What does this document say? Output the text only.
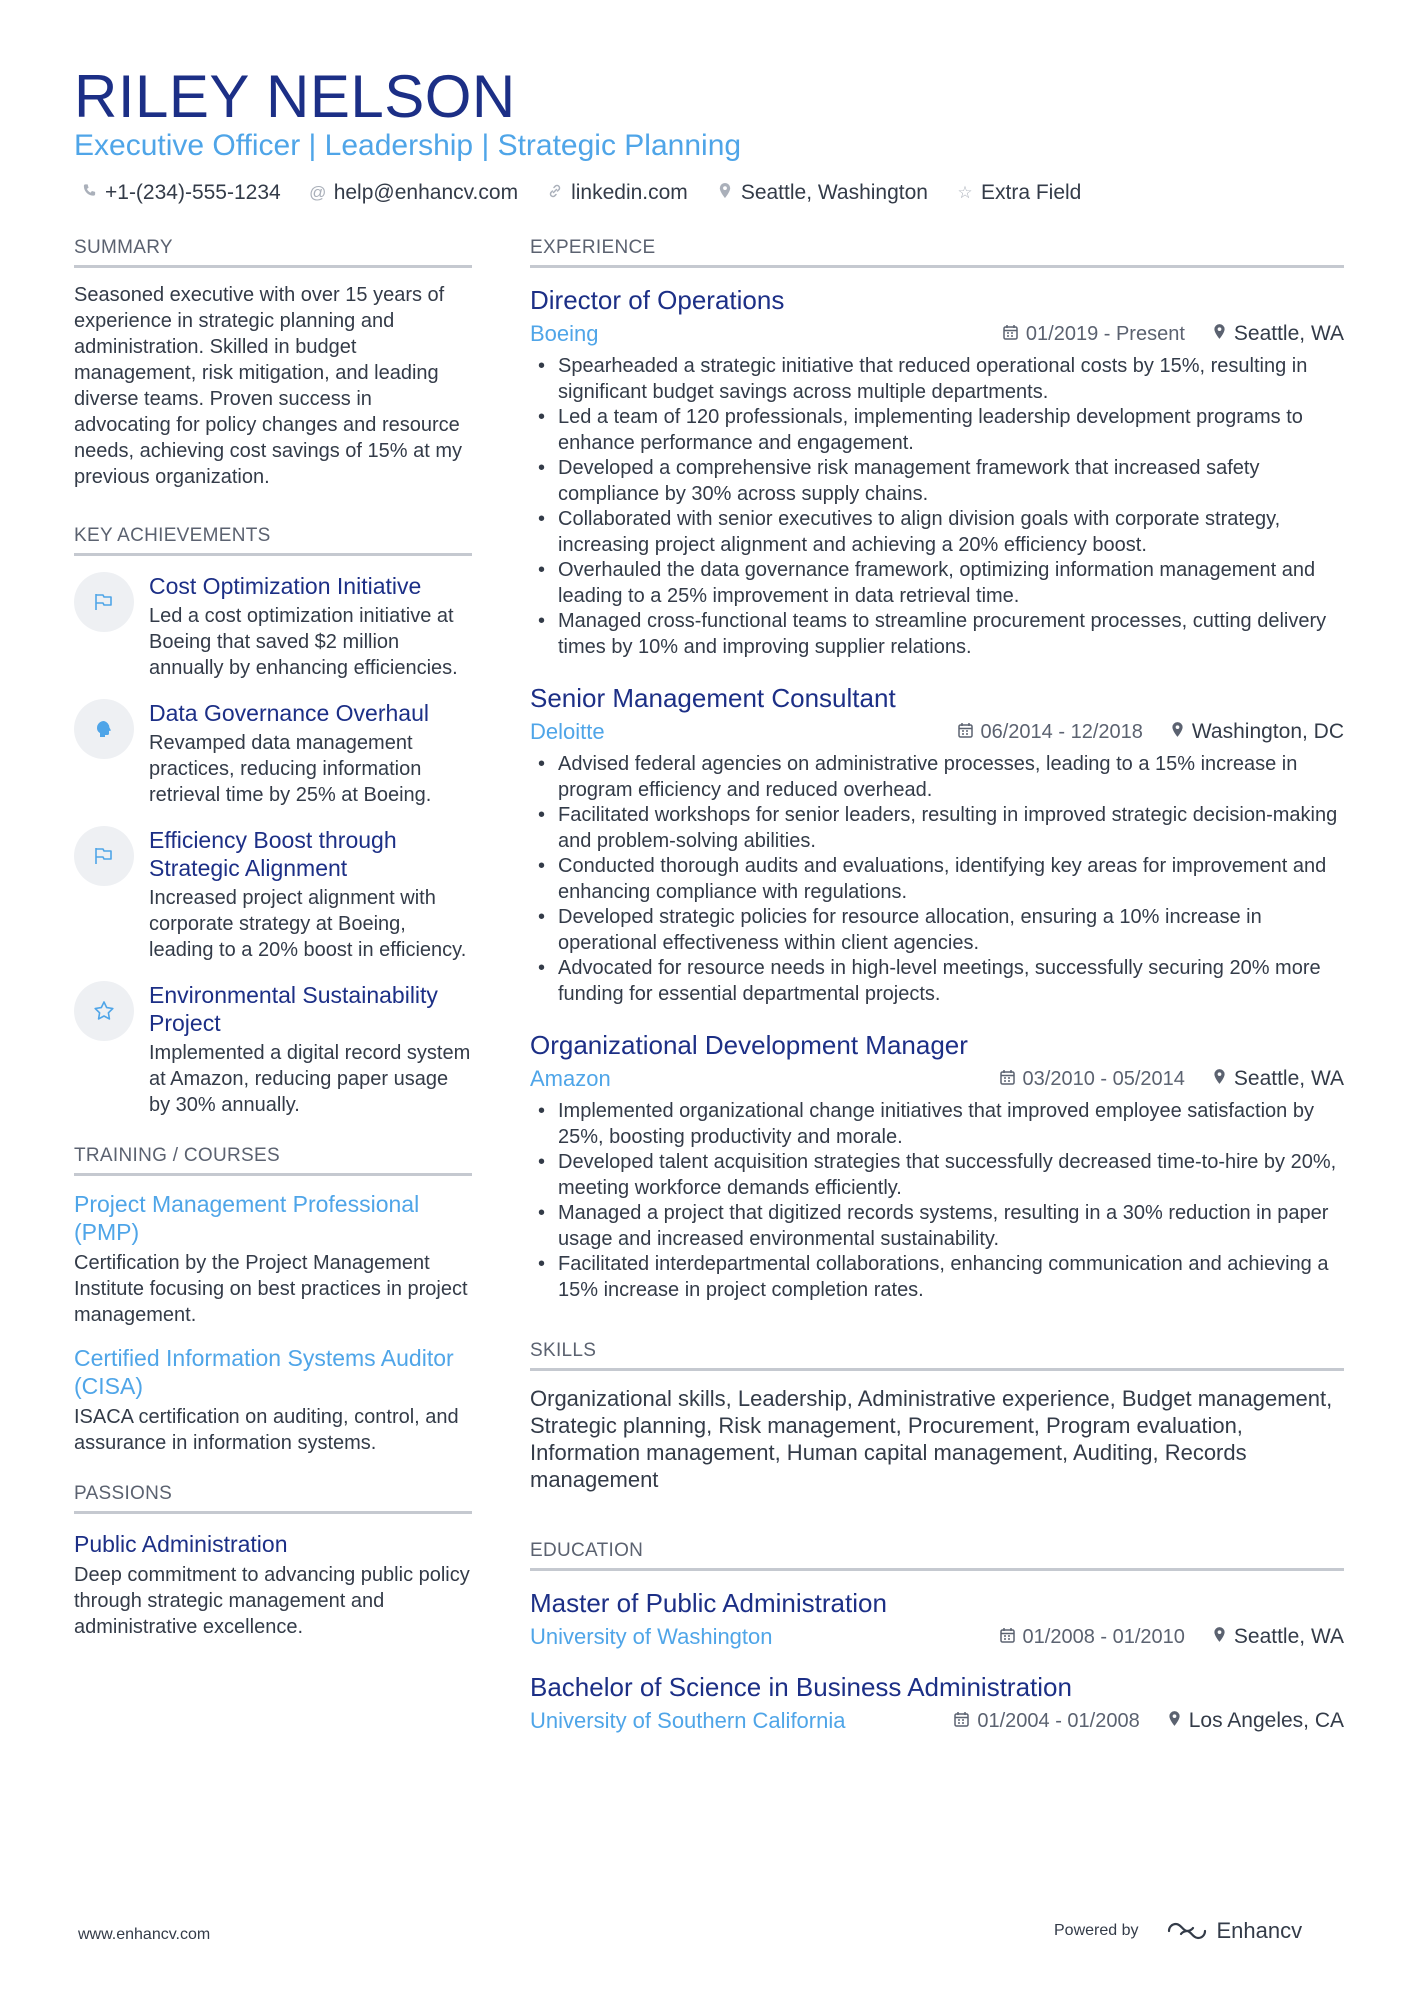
RILEY NELSON
Executive Officer | Leadership | Strategic Planning
+1-(234)-555-1234 @ help@enhancv.com	linkedin.com	Seattle, Washington ☆ Extra Field
SUMMARY
Seasoned executive with over 15 years of experience in strategic planning and administration. Skilled in budget management, risk mitigation, and leading diverse teams. Proven success in advocating for policy changes and resource needs, achieving cost savings of 15% at my previous organization.
KEY ACHIEVEMENTS
Cost Optimization Initiative
Led a cost optimization initiative at Boeing that saved $2 million annually by enhancing efficiencies.
Data Governance Overhaul
Revamped data management practices, reducing information retrieval time by 25% at Boeing.
Efficiency Boost through Strategic Alignment
Increased project alignment with corporate strategy at Boeing, leading to a 20% boost in efficiency.
Environmental Sustainability Project
Implemented a digital record system at Amazon, reducing paper usage by 30% annually.
TRAINING / COURSES
Project Management Professional (PMP)
Certification by the Project Management Institute focusing on best practices in project management.
Certified Information Systems Auditor (CISA)
ISACA certification on auditing, control, and assurance in information systems.
PASSIONS
Public Administration
Deep commitment to advancing public policy through strategic management and administrative excellence.
EXPERIENCE
Director of Operations
Boeing	01/2019 - Present Seattle, WA
• Spearheaded a strategic initiative that reduced operational costs by 15%, resulting in significant budget savings across multiple departments.
• Led a team of 120 professionals, implementing leadership development programs to enhance performance and engagement.
• Developed a comprehensive risk management framework that increased safety compliance by 30% across supply chains.
• Collaborated with senior executives to align division goals with corporate strategy, increasing project alignment and achieving a 20% efficiency boost.
• Overhauled the data governance framework, optimizing information management and leading to a 25% improvement in data retrieval time.
• Managed cross-functional teams to streamline procurement processes, cutting delivery times by 10% and improving supplier relations.
Senior Management Consultant
Deloitte	06/2014 - 12/2018 Washington, DC
• Advised federal agencies on administrative processes, leading to a 15% increase in program efficiency and reduced overhead.
• Facilitated workshops for senior leaders, resulting in improved strategic decision-making and problem-solving abilities.
• Conducted thorough audits and evaluations, identifying key areas for improvement and enhancing compliance with regulations.
• Developed strategic policies for resource allocation, ensuring a 10% increase in operational effectiveness within client agencies.
• Advocated for resource needs in high-level meetings, successfully securing 20% more funding for essential departmental projects.
Organizational Development Manager
Amazon	03/2010 - 05/2014 Seattle, WA
• Implemented organizational change initiatives that improved employee satisfaction by 25%, boosting productivity and morale.
• Developed talent acquisition strategies that successfully decreased time-to-hire by 20%, meeting workforce demands efficiently.
• Managed a project that digitized records systems, resulting in a 30% reduction in paper usage and increased environmental sustainability.
• Facilitated interdepartmental collaborations, enhancing communication and achieving a 15% increase in project completion rates.
SKILLS
Organizational skills, Leadership, Administrative experience, Budget management, Strategic planning, Risk management, Procurement, Program evaluation, Information management, Human capital management, Auditing, Records management
EDUCATION
Master of Public Administration
University of Washington	01/2008 - 01/2010 Seattle, WA
Bachelor of Science in Business Administration
University of Southern California	01/2004 - 01/2008 Los Angeles, CA
www.enhancv.com	Powered by	Enhancv
